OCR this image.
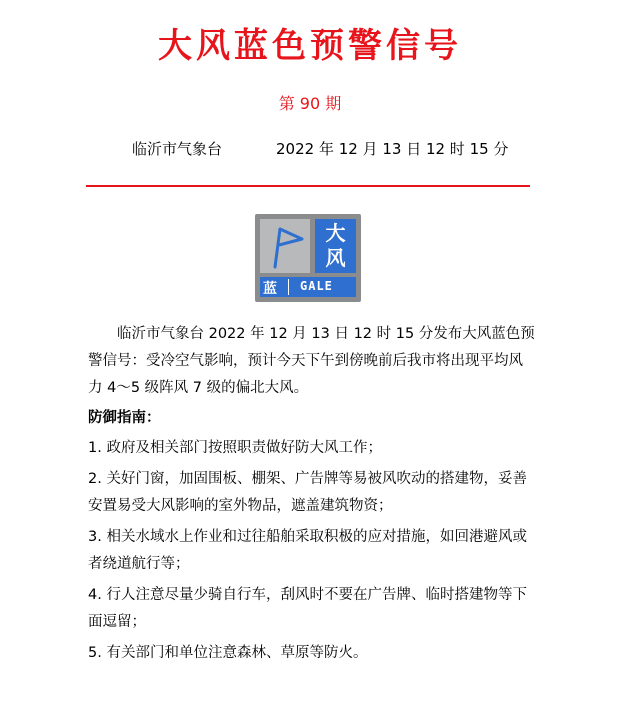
大风蓝色预警信号
第 90 期
临沂市气象台	2022 年 12 月 13 日 12 时 15 分
大
风
蓝 GALE

临沂市气象台 2022 年 12 月 13 日 12 时 15 分发布大风蓝色预警信号：受冷空气影响，预计今天下午到傍晚前后我市将出现平均风力 4～5 级阵风 7 级的偏北大风。

防御指南：

1. 政府及相关部门按照职责做好防大风工作；

2. 关好门窗，加固围板、棚架、广告牌等易被风吹动的搭建物，妥善安置易受大风影响的室外物品，遮盖建筑物资；

3. 相关水域水上作业和过往船舶采取积极的应对措施，如回港避风或者绕道航行等；

4. 行人注意尽量少骑自行车，刮风时不要在广告牌、临时搭建物等下面逗留；

5. 有关部门和单位注意森林、草原等防火。
